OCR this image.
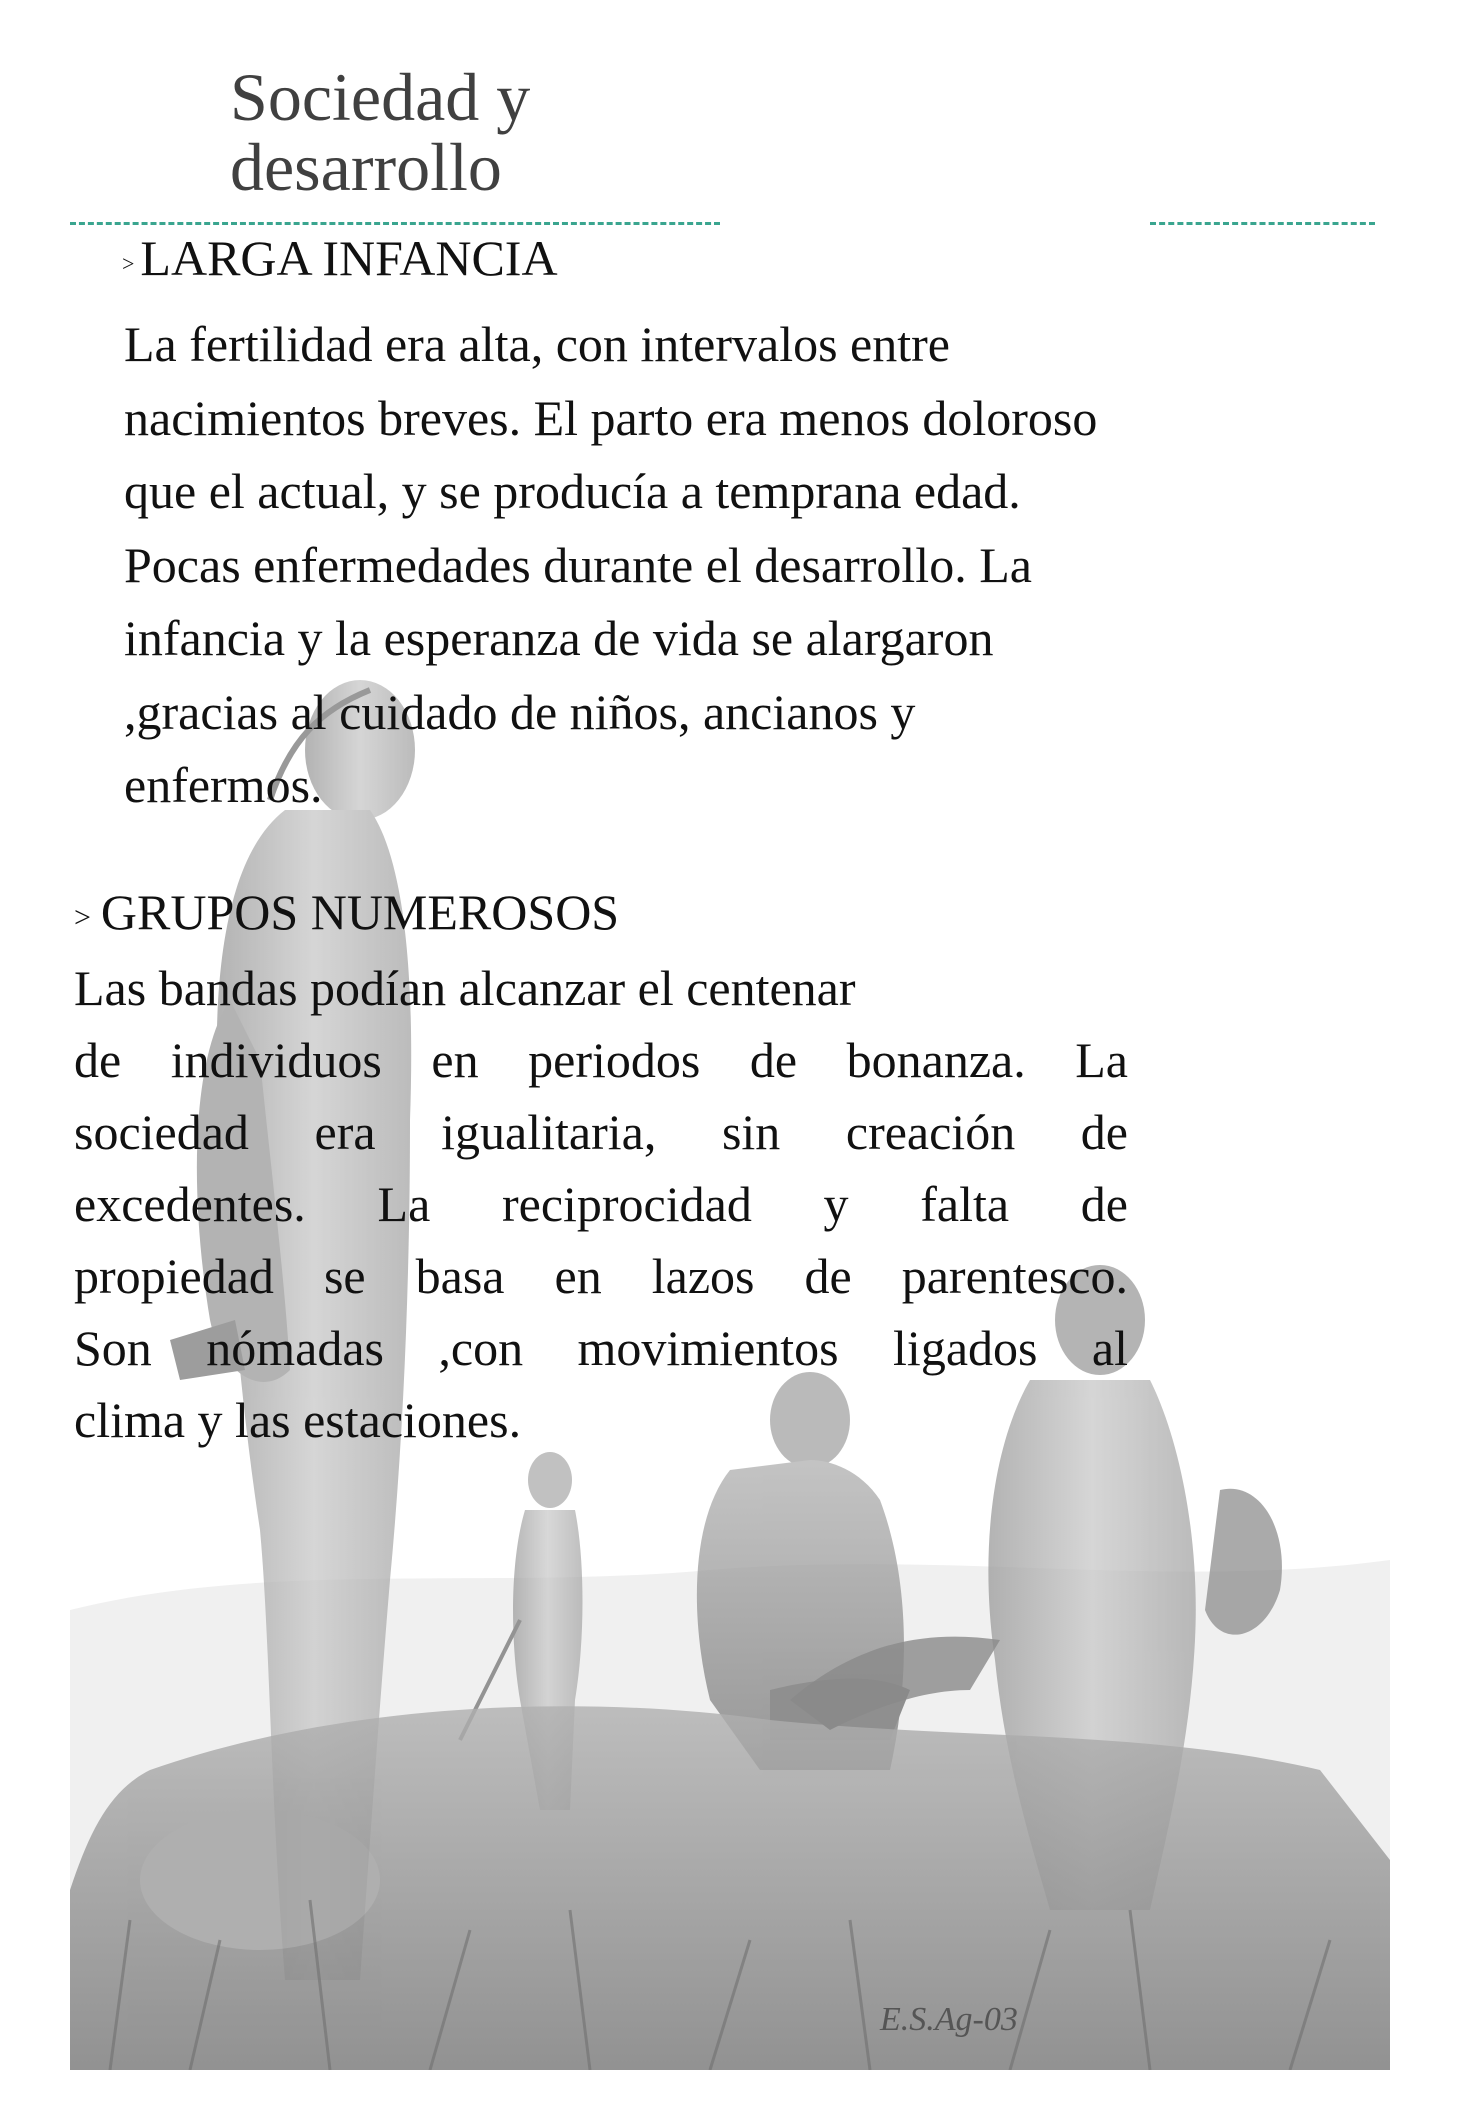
E.S.Ag-03
Sociedad y
desarrollo
> LARGA INFANCIA
La fertilidad era alta, con intervalos entre
nacimientos breves. El parto era menos doloroso
que el actual, y se producía a temprana edad.
Pocas enfermedades durante el desarrollo. La
infancia y la esperanza de vida se alargaron
,gracias al cuidado de niños, ancianos y
enfermos.
> GRUPOS NUMEROSOS
Las bandas podían alcanzar el centenar
de individuos en periodos de bonanza. La
sociedad era igualitaria, sin creación de
excedentes. La reciprocidad y falta de
propiedad se basa en lazos de parentesco.
Son nómadas ,con movimientos ligados al
clima y las estaciones.
